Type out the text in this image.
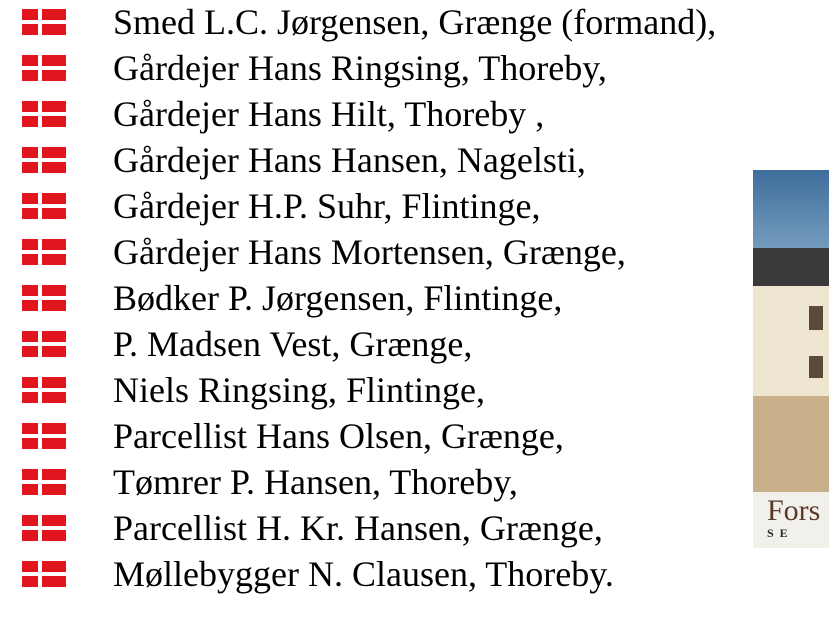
Smed L.C. Jørgensen, Grænge (formand),
Gårdejer Hans Ringsing, Thoreby,
Gårdejer Hans Hilt, Thoreby ,
Gårdejer Hans Hansen, Nagelsti,
Gårdejer H.P. Suhr, Flintinge,
Gårdejer Hans Mortensen, Grænge,
Bødker P. Jørgensen, Flintinge,
P. Madsen Vest, Grænge,
Niels Ringsing, Flintinge,
Parcellist Hans Olsen, Grænge,
Tømrer P. Hansen, Thoreby,
Parcellist H. Kr. Hansen, Grænge,
Møllebygger N. Clausen, Thoreby.
Fors
SE
